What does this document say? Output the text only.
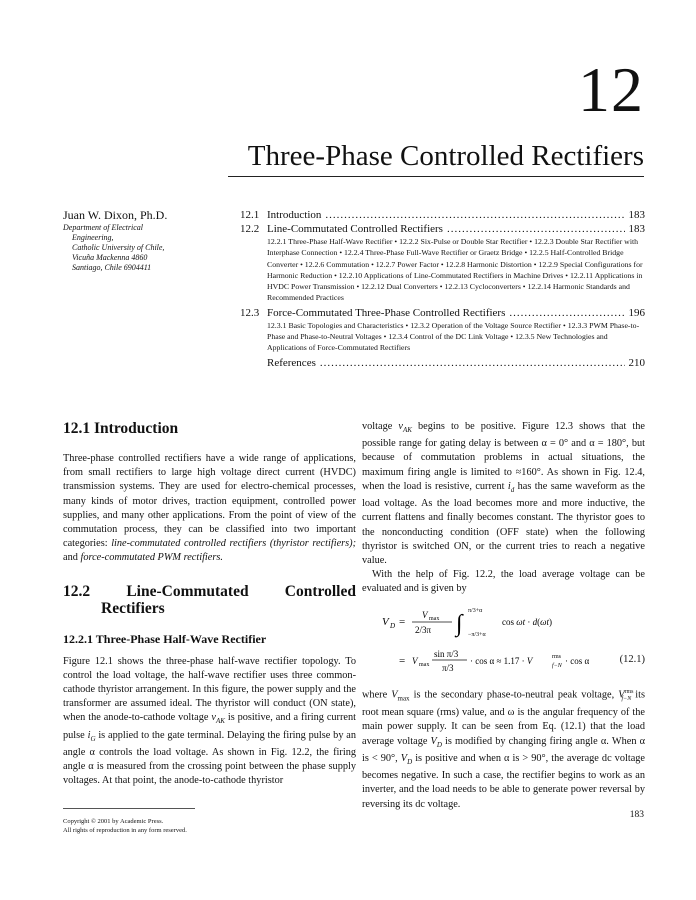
12
Three-Phase Controlled Rectifiers
Juan W. Dixon, Ph.D.
Department of Electrical
Engineering,
Catholic University of Chile,
Vicuña Mackenna 4860
Santiago, Chile 6904411
12.1 Introduction .....	183
12.2 Line-Commutated Controlled Rectifiers .....	183
12.2.1 Three-Phase Half-Wave Rectifier • 12.2.2 Six-Pulse or Double Star Rectifier • 12.2.3 Double Star Rectifier with Interphase Connection • 12.2.4 Three-Phase Full-Wave Rectifier or Graetz Bridge • 12.2.5 Half-Controlled Bridge Converter • 12.2.6 Commutation • 12.2.7 Power Factor • 12.2.8 Harmonic Distortion • 12.2.9 Special Configurations for Harmonic Reduction • 12.2.10 Applications of Line-Commutated Rectifiers in Machine Drives • 12.2.11 Applications in HVDC Power Transmission • 12.2.12 Dual Converters • 12.2.13 Cycloconverters • 12.2.14 Harmonic Standards and Recommended Practices
12.3 Force-Commutated Three-Phase Controlled Rectifiers .....	196
12.3.1 Basic Topologies and Characteristics • 12.3.2 Operation of the Voltage Source Rectifier • 12.3.3 PWM Phase-to-Phase and Phase-to-Neutral Voltages • 12.3.4 Control of the DC Link Voltage • 12.3.5 New Technologies and Applications of Force-Commutated Rectifiers
References .....	210
12.1 Introduction

Three-phase controlled rectifiers have a wide range of applications, from small rectifiers to large high voltage direct current (HVDC) transmission systems. They are used for electro-chemical processes, many kinds of motor drives, traction equipment, controlled power supplies, and many other applications. From the point of view of the commutation process, they can be classified into two important categories: line-commutated controlled rectifiers (thyristor rectifiers); and force-commutated PWM rectifiers.

12.2 Line-Commutated Controlled Rectifiers
12.2.1 Three-Phase Half-Wave Rectifier

Figure 12.1 shows the three-phase half-wave rectifier topology. To control the load voltage, the half-wave rectifier uses three common-cathode thyristor arrangement. In this figure, the power supply and the transformer are assumed ideal. The thyristor will conduct (ON state), when the anode-to-cathode voltage $v_{AK}$ is positive, and a firing current pulse $i_G$ is applied to the gate terminal. Delaying the firing pulse by an angle α controls the load voltage. As shown in Fig. 12.2, the firing angle α is measured from the crossing point between the phase supply voltages. At that point, the anode-to-cathode thyristor

voltage $v_{AK}$ begins to be positive. Figure 12.3 shows that the possible range for gating delay is between α = 0° and α = 180°, but because of commutation problems in actual situations, the maximum firing angle is limited to ≈160°. As shown in Fig. 12.4, when the load is resistive, current $i_d$ has the same waveform as the load voltage. As the load becomes more and more inductive, the current flattens and finally becomes constant. The thyristor goes to the nonconducting condition (OFF state) when the following thyristor is switched ON, or the current tries to reach a negative value.

With the help of Fig. 12.2, the load average voltage can be evaluated and is given by

V D =
V max
2/3π ∫ π/3+α
−π/3+α
cos ωt · d(ωt)
= V max
sin π/3
π/3
· cos α ≈ 1.17 · V	rms
f−N · cos α	(12.1)

where $V_{max}$ is the secondary phase-to-neutral peak voltage, $V^{rms}_{f-N}$ its root mean square (rms) value, and ω is the angular frequency of the main power supply. It can be seen from Eq. (12.1) that the load average voltage $V_D$ is modified by changing firing angle α. When α is < 90°, $V_D$ is positive and when α is > 90°, the average dc voltage becomes negative. In such a case, the rectifier begins to work as an inverter, and the load needs to be able to generate power reversal by reversing its dc voltage.

Copyright © 2001 by Academic Press.
All rights of reproduction in any form reserved.
183
